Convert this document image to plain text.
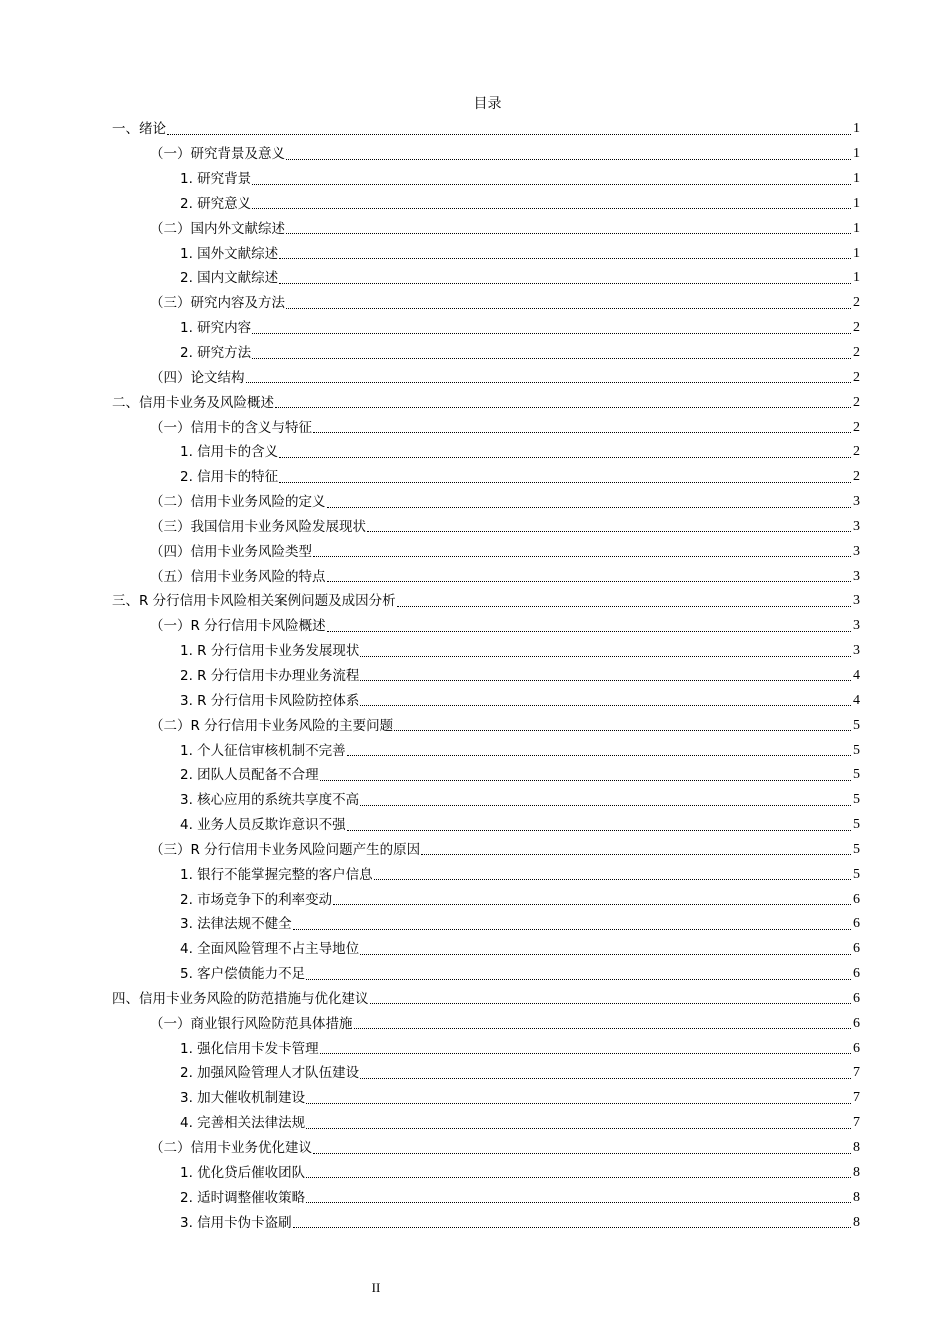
目录
一、绪论	1
（一）研究背景及意义	1
1. 研究背景	1
2. 研究意义	1
（二）国内外文献综述	1
1. 国外文献综述	1
2. 国内文献综述	1
（三）研究内容及方法	2
1. 研究内容	2
2. 研究方法	2
（四）论文结构	2
二、信用卡业务及风险概述	2
（一）信用卡的含义与特征	2
1. 信用卡的含义	2
2. 信用卡的特征	2
（二）信用卡业务风险的定义	3
（三）我国信用卡业务风险发展现状	3
（四）信用卡业务风险类型	3
（五）信用卡业务风险的特点	3
三、R 分行信用卡风险相关案例问题及成因分析	3
（一）R 分行信用卡风险概述	3
1. R 分行信用卡业务发展现状	3
2. R 分行信用卡办理业务流程	4
3. R 分行信用卡风险防控体系	4
（二）R 分行信用卡业务风险的主要问题	5
1. 个人征信审核机制不完善	5
2. 团队人员配备不合理	5
3. 核心应用的系统共享度不高	5
4. 业务人员反欺诈意识不强	5
（三）R 分行信用卡业务风险问题产生的原因	5
1. 银行不能掌握完整的客户信息	5
2. 市场竞争下的利率变动	6
3. 法律法规不健全	6
4. 全面风险管理不占主导地位	6
5. 客户偿债能力不足	6
四、信用卡业务风险的防范措施与优化建议	6
（一）商业银行风险防范具体措施	6
1. 强化信用卡发卡管理	6
2. 加强风险管理人才队伍建设	7
3. 加大催收机制建设	7
4. 完善相关法律法规	7
（二）信用卡业务优化建议	8
1. 优化贷后催收团队	8
2. 适时调整催收策略	8
3. 信用卡伪卡盗刷	8
II
